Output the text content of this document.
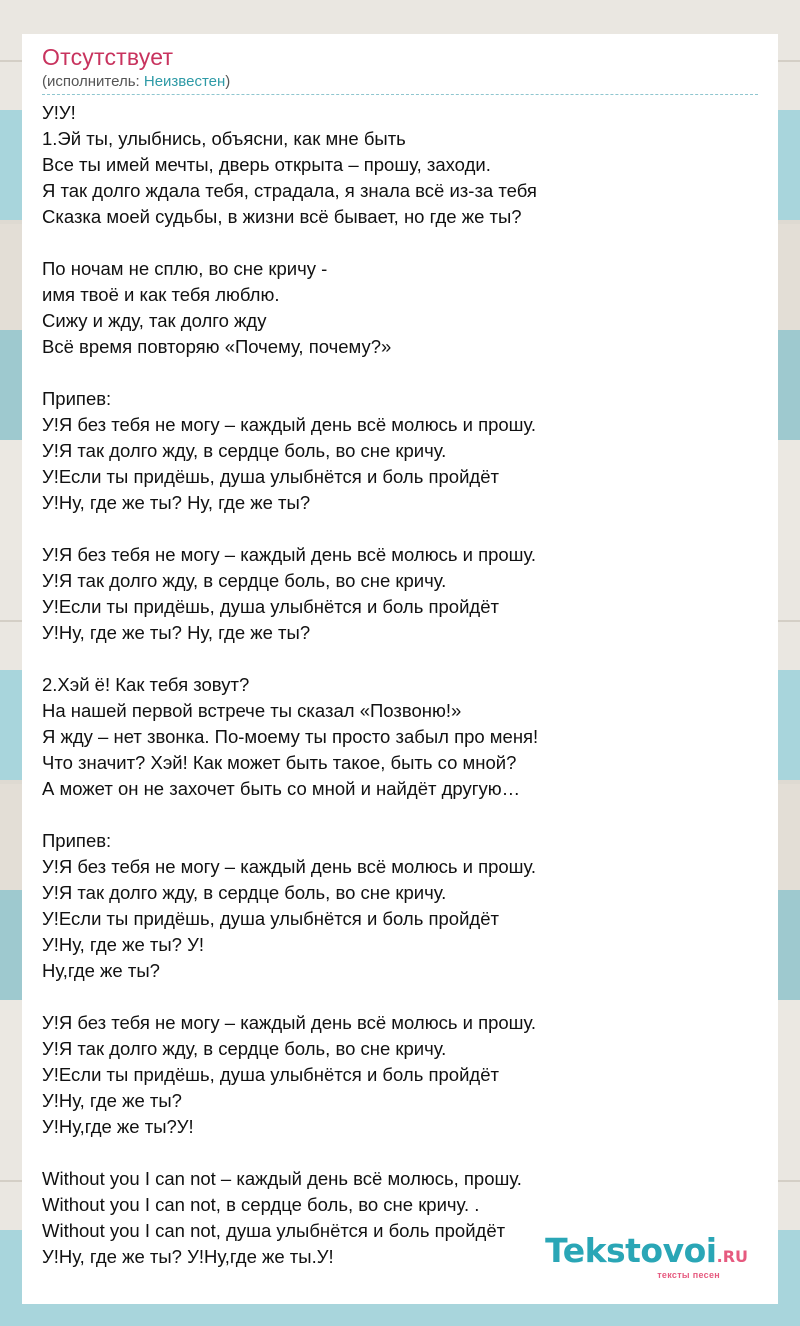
Отсутствует
(исполнитель: Неизвестен)
У!У!
1.Эй ты, улыбнись, объясни, как мне быть
Все ты имей мечты, дверь открыта – прошу, заходи.
Я так долго ждала тебя, страдала, я знала всё из-за тебя
Сказка моей судьбы, в жизни всё бывает, но где же ты?
По ночам не сплю, во сне кричу -
имя твоё и как тебя люблю.
Сижу и жду, так долго жду
Всё время повторяю «Почему, почему?»
Припев:
У!Я без тебя не могу – каждый день всё молюсь и прошу.
У!Я так долго жду, в сердце боль, во сне кричу.
У!Если ты придёшь, душа улыбнётся и боль пройдёт
У!Ну, где же ты? Ну, где же ты?
У!Я без тебя не могу – каждый день всё молюсь и прошу.
У!Я так долго жду, в сердце боль, во сне кричу.
У!Если ты придёшь, душа улыбнётся и боль пройдёт
У!Ну, где же ты? Ну, где же ты?
2.Хэй ё! Как тебя зовут?
На нашей первой встрече ты сказал «Позвоню!»
Я жду – нет звонка. По-моему ты просто забыл про меня!
Что значит? Хэй! Как может быть такое, быть со мной?
А может он не захочет быть со мной и найдёт другую…
Припев:
У!Я без тебя не могу – каждый день всё молюсь и прошу.
У!Я так долго жду, в сердце боль, во сне кричу.
У!Если ты придёшь, душа улыбнётся и боль пройдёт
У!Ну, где же ты? У!
Ну,где же ты?
У!Я без тебя не могу – каждый день всё молюсь и прошу.
У!Я так долго жду, в сердце боль, во сне кричу.
У!Если ты придёшь, душа улыбнётся и боль пройдёт
У!Ну, где же ты?
У!Ну,где же ты?У!
Without you I can not – каждый день всё молюсь, прошу.
Without you I can not, в сердце боль, во сне кричу. .
Without you I can not, душа улыбнётся и боль пройдёт
У!Ну, где же ты? У!Ну,где же ты.У!	Tekstovoi.RU
тексты песен
